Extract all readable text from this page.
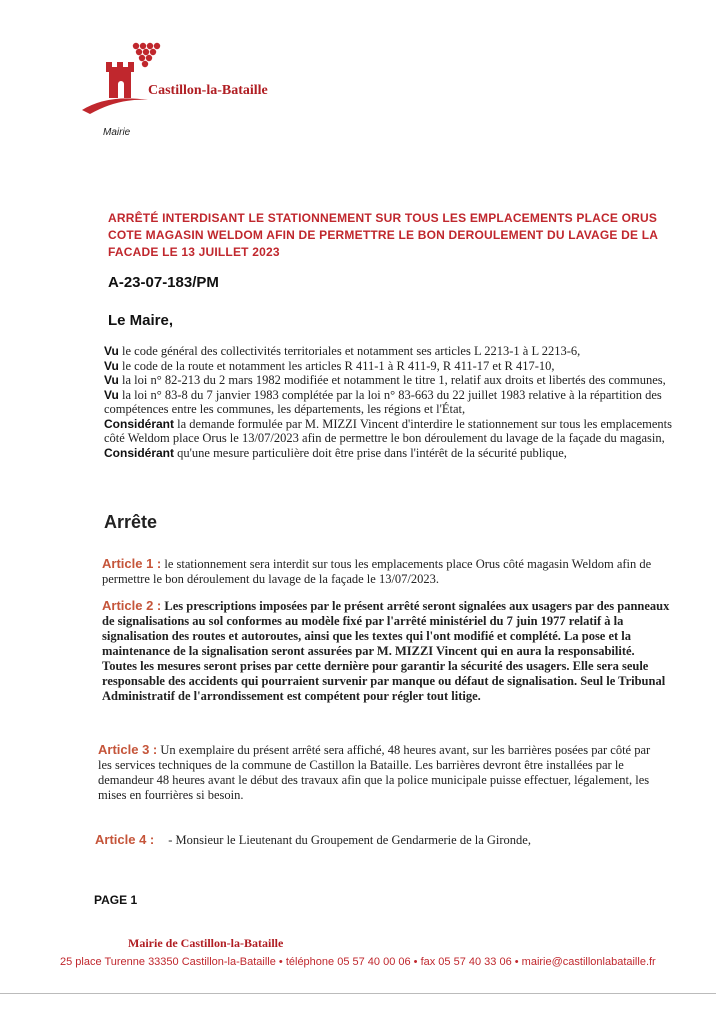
Castillon-la-Bataille
Mairie
ARRÊTÉ INTERDISANT LE STATIONNEMENT SUR TOUS LES EMPLACEMENTS PLACE ORUS COTE MAGASIN WELDOM AFIN DE PERMETTRE LE BON DEROULEMENT DU LAVAGE DE LA FACADE LE 13 JUILLET 2023
A-23-07-183/PM
Le Maire,

Vu le code général des collectivités territoriales et notamment ses articles L 2213-1 à L 2213-6,

Vu le code de la route et notamment les articles R 411-1 à R 411-9, R 411-17 et R 417-10,

Vu la loi n° 82-213 du 2 mars 1982 modifiée et notamment le titre 1, relatif aux droits et libertés des communes,

Vu la loi n° 83-8 du 7 janvier 1983 complétée par la loi n° 83-663 du 22 juillet 1983 relative à la répartition des compétences entre les communes, les départements, les régions et l'État,

Considérant la demande formulée par M. MIZZI Vincent d'interdire le stationnement sur tous les emplacements côté Weldom place Orus le 13/07/2023 afin de permettre le bon déroulement du lavage de la façade du magasin,

Considérant qu'une mesure particulière doit être prise dans l'intérêt de la sécurité publique,

Arrête
Article 1 : le stationnement sera interdit sur tous les emplacements place Orus côté magasin Weldom afin de permettre le bon déroulement du lavage de la façade le 13/07/2023.
Article 2 : Les prescriptions imposées par le présent arrêté seront signalées aux usagers par des panneaux de signalisations au sol conformes au modèle fixé par l'arrêté ministériel du 7 juin 1977 relatif à la signalisation des routes et autoroutes, ainsi que les textes qui l'ont modifié et complété. La pose et la maintenance de la signalisation seront assurées par M. MIZZI Vincent qui en aura la responsabilité. Toutes les mesures seront prises par cette dernière pour garantir la sécurité des usagers. Elle sera seule responsable des accidents qui pourraient survenir par manque ou défaut de signalisation. Seul le Tribunal Administratif de l'arrondissement est compétent pour régler tout litige.
Article 3 : Un exemplaire du présent arrêté sera affiché, 48 heures avant, sur les barrières posées par côté par les services techniques de la commune de Castillon la Bataille. Les barrières devront être installées par le demandeur 48 heures avant le début des travaux afin que la police municipale puisse effectuer, légalement, les mises en fourrières si besoin.
Article 4 : - Monsieur le Lieutenant du Groupement de Gendarmerie de la Gironde,
PAGE 1
Mairie de Castillon-la-Bataille
25 place Turenne 33350 Castillon-la-Bataille • téléphone 05 57 40 00 06 • fax 05 57 40 33 06 • mairie@castillonlabataille.fr
